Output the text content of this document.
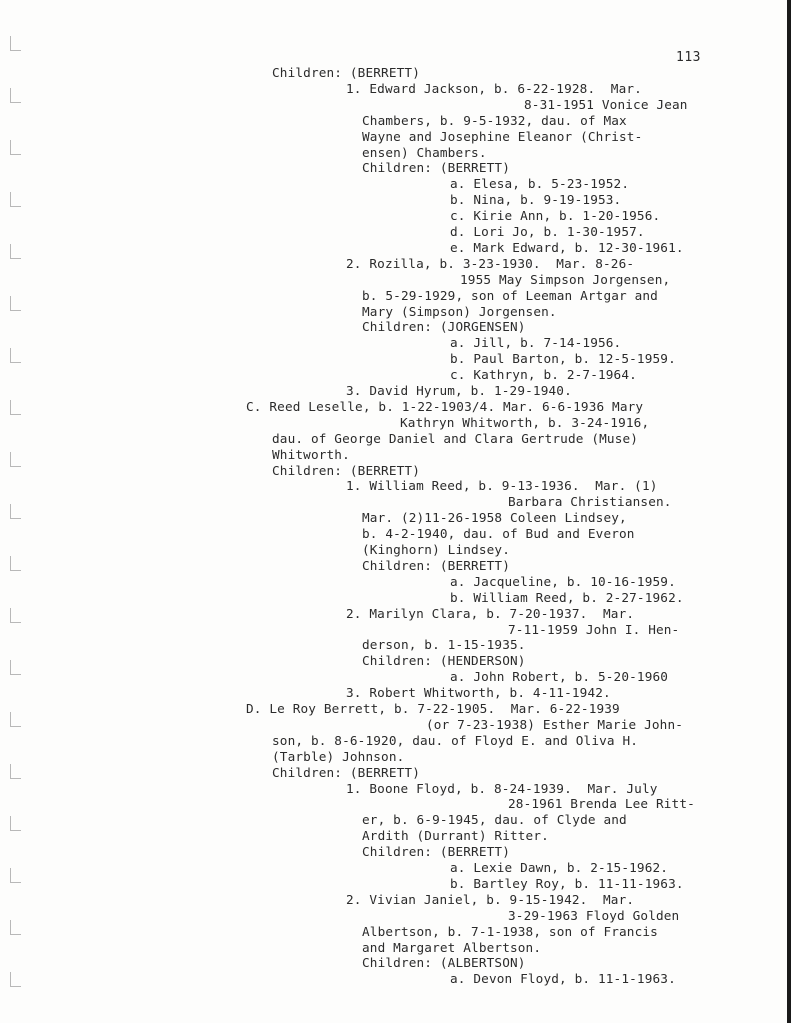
113
Children: (BERRETT)
1. Edward Jackson, b. 6-22-1928.  Mar.
8-31-1951 Vonice Jean
Chambers, b. 9-5-1932, dau. of Max
Wayne and Josephine Eleanor (Christ-
ensen) Chambers.
Children: (BERRETT)
a. Elesa, b. 5-23-1952.
b. Nina, b. 9-19-1953.
c. Kirie Ann, b. 1-20-1956.
d. Lori Jo, b. 1-30-1957.
e. Mark Edward, b. 12-30-1961.
2. Rozilla, b. 3-23-1930.  Mar. 8-26-
1955 May Simpson Jorgensen,
b. 5-29-1929, son of Leeman Artgar and
Mary (Simpson) Jorgensen.
Children: (JORGENSEN)
a. Jill, b. 7-14-1956.
b. Paul Barton, b. 12-5-1959.
c. Kathryn, b. 2-7-1964.
3. David Hyrum, b. 1-29-1940.
C. Reed Leselle, b. 1-22-1903/4. Mar. 6-6-1936 Mary
Kathryn Whitworth, b. 3-24-1916,
dau. of George Daniel and Clara Gertrude (Muse)
Whitworth.
Children: (BERRETT)
1. William Reed, b. 9-13-1936.  Mar. (1)
Barbara Christiansen.
Mar. (2)11-26-1958 Coleen Lindsey,
b. 4-2-1940, dau. of Bud and Everon
(Kinghorn) Lindsey.
Children: (BERRETT)
a. Jacqueline, b. 10-16-1959.
b. William Reed, b. 2-27-1962.
2. Marilyn Clara, b. 7-20-1937.  Mar.
7-11-1959 John I. Hen-
derson, b. 1-15-1935.
Children: (HENDERSON)
a. John Robert, b. 5-20-1960
3. Robert Whitworth, b. 4-11-1942.
D. Le Roy Berrett, b. 7-22-1905.  Mar. 6-22-1939
(or 7-23-1938) Esther Marie John-
son, b. 8-6-1920, dau. of Floyd E. and Oliva H.
(Tarble) Johnson.
Children: (BERRETT)
1. Boone Floyd, b. 8-24-1939.  Mar. July
28-1961 Brenda Lee Ritt-
er, b. 6-9-1945, dau. of Clyde and
Ardith (Durrant) Ritter.
Children: (BERRETT)
a. Lexie Dawn, b. 2-15-1962.
b. Bartley Roy, b. 11-11-1963.
2. Vivian Janiel, b. 9-15-1942.  Mar.
3-29-1963 Floyd Golden
Albertson, b. 7-1-1938, son of Francis
and Margaret Albertson.
Children: (ALBERTSON)
a. Devon Floyd, b. 11-1-1963.
